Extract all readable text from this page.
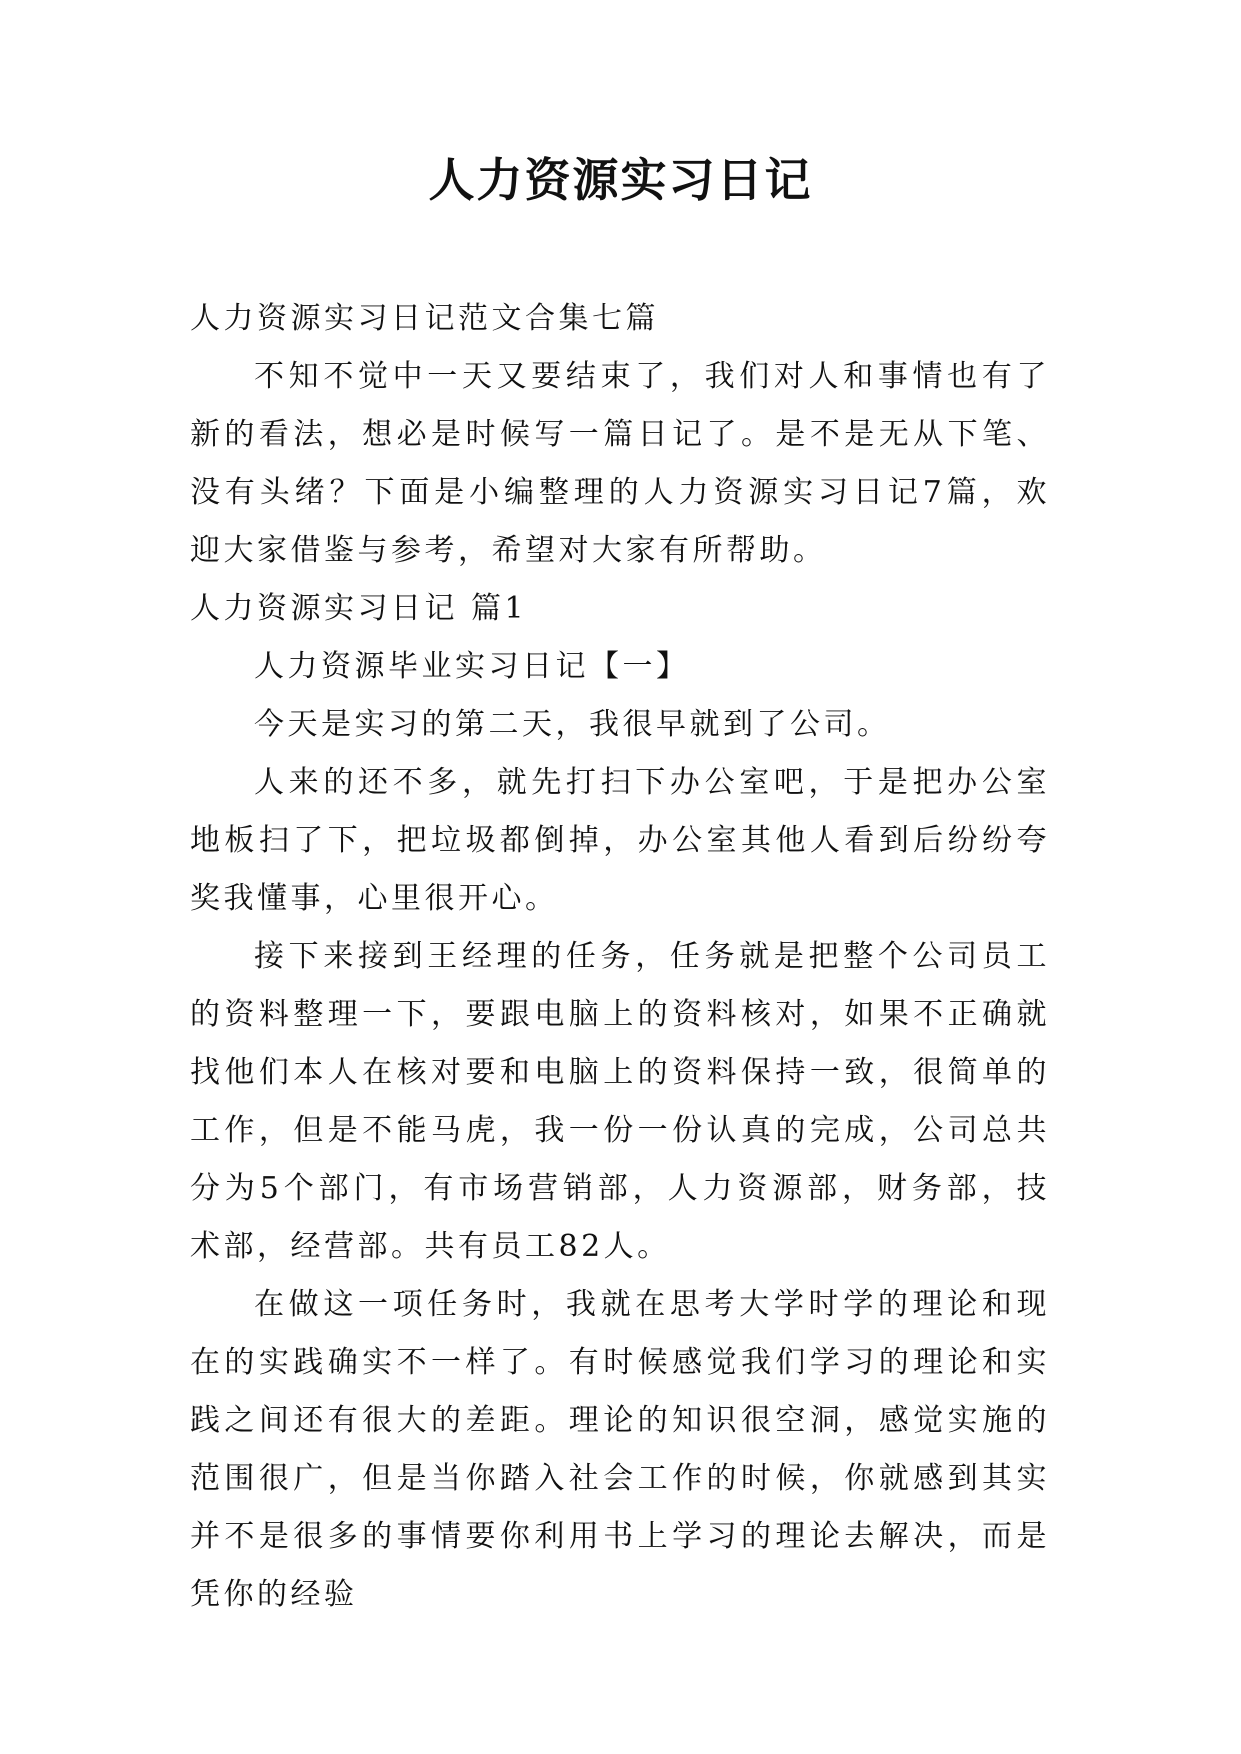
人力资源实习日记

人力资源实习日记范文合集七篇

不知不觉中一天又要结束了，我们对人和事情也有了新的看法，想必是时候写一篇日记了。是不是无从下笔、没有头绪？下面是小编整理的人力资源实习日记7篇，欢迎大家借鉴与参考，希望对大家有所帮助。

人力资源实习日记 篇1

人力资源毕业实习日记【一】

今天是实习的第二天，我很早就到了公司。

人来的还不多，就先打扫下办公室吧，于是把办公室地板扫了下，把垃圾都倒掉，办公室其他人看到后纷纷夸奖我懂事，心里很开心。

接下来接到王经理的任务，任务就是把整个公司员工的资料整理一下，要跟电脑上的资料核对，如果不正确就找他们本人在核对要和电脑上的资料保持一致，很简单的工作，但是不能马虎，我一份一份认真的完成，公司总共分为5个部门，有市场营销部，人力资源部，财务部，技术部，经营部。共有员工82人。

在做这一项任务时，我就在思考大学时学的理论和现在的实践确实不一样了。有时候感觉我们学习的理论和实践之间还有很大的差距。理论的知识很空洞，感觉实施的范围很广，但是当你踏入社会工作的时候，你就感到其实并不是很多的事情要你利用书上学习的理论去解决，而是凭你的经验
